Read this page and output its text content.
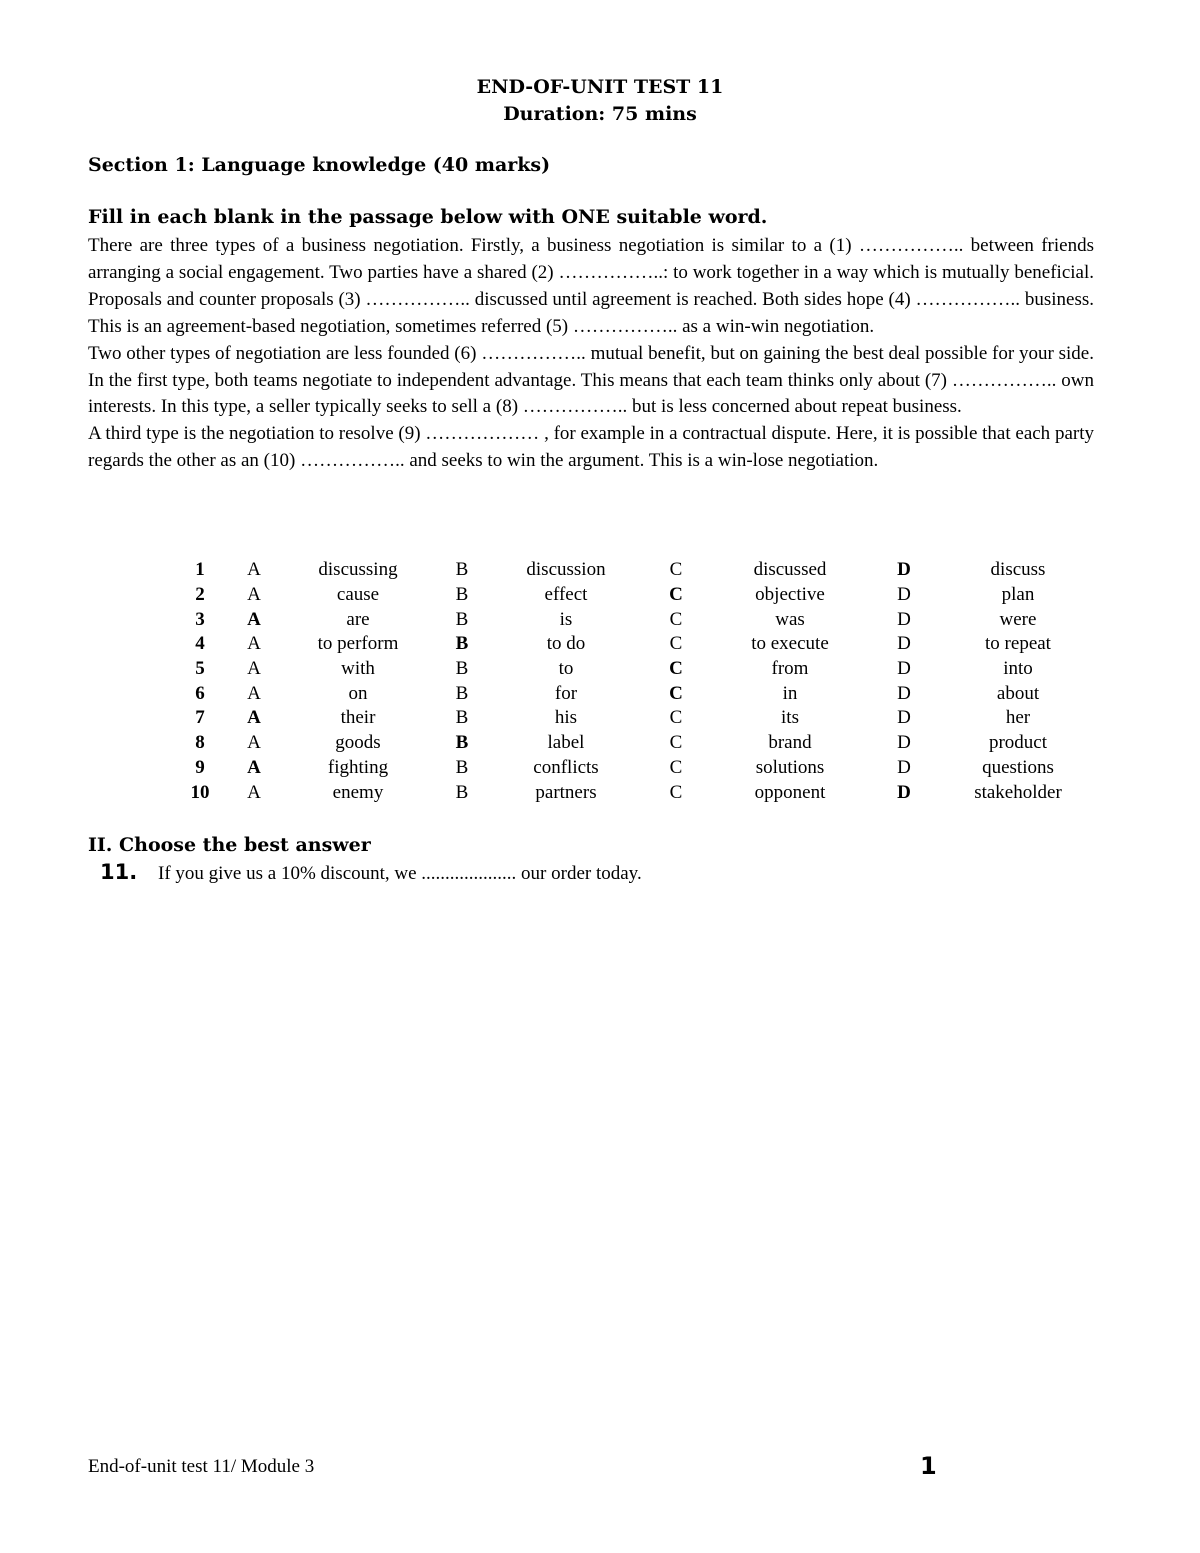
END-OF-UNIT TEST 11
Duration: 75 mins
Section 1: Language knowledge (40 marks)
Fill in each blank in the passage below with ONE suitable word.

There are three types of a business negotiation. Firstly, a business negotiation is similar to a (1) …………….. between friends arranging a social engagement. Two parties have a shared (2) ……………..: to work together in a way which is mutually beneficial. Proposals and counter proposals (3) …………….. discussed until agreement is reached. Both sides hope (4) …………….. business. This is an agreement-based negotiation, sometimes referred (5) …………….. as a win-win negotiation.

Two other types of negotiation are less founded (6) …………….. mutual benefit, but on gaining the best deal possible for your side. In the first type, both teams negotiate to independent advantage. This means that each team thinks only about (7) …………….. own interests. In this type, a seller typically seeks to sell a (8) …………….. but is less concerned about repeat business.

A third type is the negotiation to resolve (9) ……………… , for example in a contractual dispute. Here, it is possible that each party regards the other as an (10) …………….. and seeks to win the argument. This is a win-lose negotiation.

1	A	discussing	B	discussion	C	discussed	D	discuss
2	A	cause	B	effect	C	objective	D	plan
3	A	are	B	is	C	was	D	were
4	A	to perform	B	to do	C	to execute	D	to repeat
5	A	with	B	to	C	from	D	into
6	A	on	B	for	C	in	D	about
7	A	their	B	his	C	its	D	her
8	A	goods	B	label	C	brand	D	product
9	A	fighting	B	conflicts	C	solutions	D	questions
10	A	enemy	B	partners	C	opponent	D	stakeholder
II. Choose the best answer
11. If you give us a 10% discount, we .................... our order today.
End-of-unit test 11/ Module 3	1
